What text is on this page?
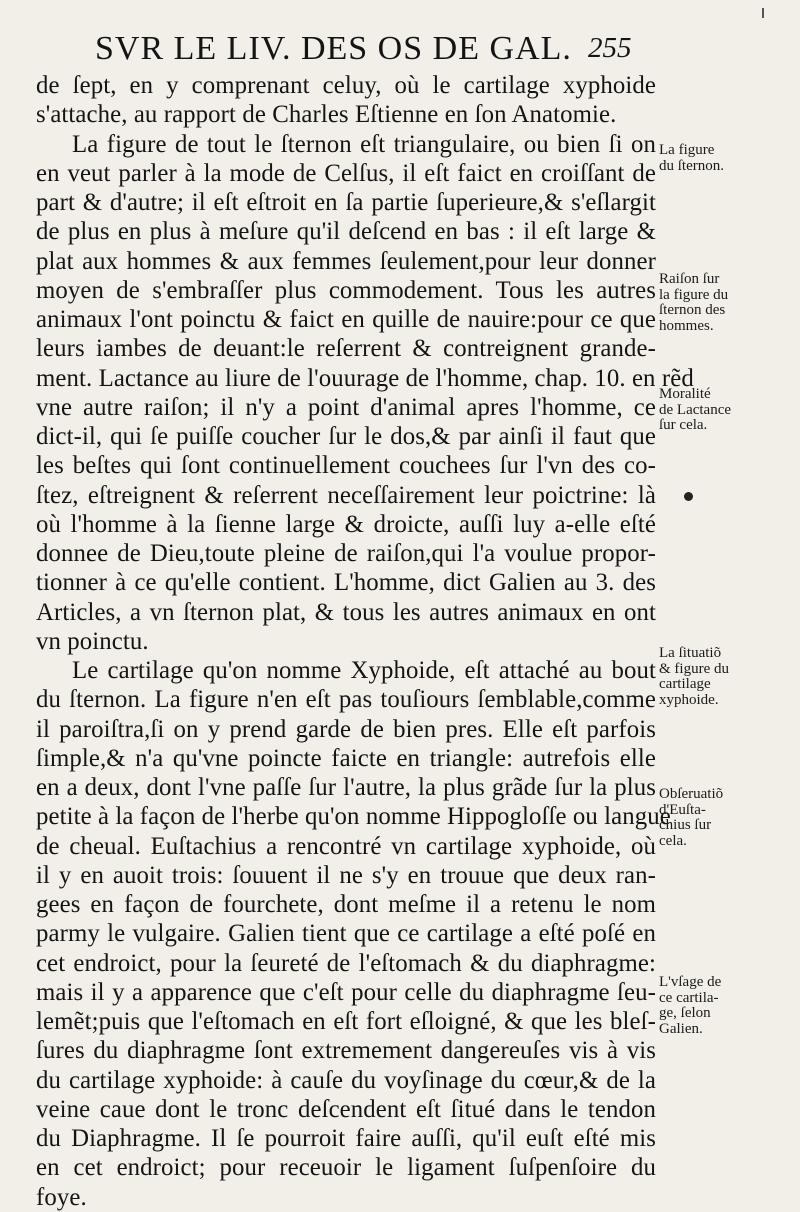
SVR LE LIV. DES OS DE GAL. 255
de ſept, en y comprenant celuy, où le cartilage xyphoide
s'attache, au rapport de Charles Eſtienne en ſon Anatomie.
La figure de tout le ſternon eſt triangulaire, ou bien ſi on
en veut parler à la mode de Celſus, il eſt faict en croiſſant de
part & d'autre; il eſt eſtroit en ſa partie ſuperieure,& s'eſlargit
de plus en plus à meſure qu'il deſcend en bas : il eſt large &
plat aux hommes & aux femmes ſeulement,pour leur donner
moyen de s'embraſſer plus commodement. Tous les autres
animaux l'ont poinctu & faict en quille de nauire:pour ce que
leurs iambes de deuant:le reſerrent & contreignent grande-
ment. Lactance au liure de l'ouurage de l'homme, chap. 10. en rẽd
vne autre raiſon; il n'y a point d'animal apres l'homme, ce
dict-il, qui ſe puiſſe coucher ſur le dos,& par ainſi il faut que
les beſtes qui ſont continuellement couchees ſur l'vn des co-
ſtez, eſtreignent & reſerrent neceſſairement leur poictrine: là
où l'homme à la ſienne large & droicte, auſſi luy a-elle eſté
donnee de Dieu,toute pleine de raiſon,qui l'a voulue propor-
tionner à ce qu'elle contient. L'homme, dict Galien au 3. des
Articles, a vn ſternon plat, & tous les autres animaux en ont
vn poinctu.
Le cartilage qu'on nomme Xyphoide, eſt attaché au bout
du ſternon. La figure n'en eſt pas touſiours ſemblable,comme
il paroiſtra,ſi on y prend garde de bien pres. Elle eſt parfois
ſimple,& n'a qu'vne poincte faicte en triangle: autrefois elle
en a deux, dont l'vne paſſe ſur l'autre, la plus grãde ſur la plus
petite à la façon de l'herbe qu'on nomme Hippogloſſe ou langue
de cheual. Euſtachius a rencontré vn cartilage xyphoide, où
il y en auoit trois: ſouuent il ne s'y en trouue que deux ran-
gees en façon de fourchete, dont meſme il a retenu le nom
parmy le vulgaire. Galien tient que ce cartilage a eſté poſé en
cet endroict, pour la ſeureté de l'eſtomach & du diaphragme:
mais il y a apparence que c'eſt pour celle du diaphragme ſeu-
lemẽt;puis que l'eſtomach en eſt fort eſloigné, & que les bleſ-
ſures du diaphragme ſont extremement dangereuſes vis à vis
du cartilage xyphoide: à cauſe du voyſinage du cœur,& de la
veine caue dont le tronc deſcendent eſt ſitué dans le tendon
du Diaphragme. Il ſe pourroit faire auſſi, qu'il euſt eſté mis
en cet endroict; pour receuoir le ligament ſuſpenſoire du
foye.
La figure
du ſternon.
Raiſon ſur
la figure du
ſternon des
hommes.
Moralité
de Lactance
ſur cela.
La ſituatiõ
& figure du
cartilage
xyphoide.
Obſeruatiõ
d'Euſta-
chius ſur
cela.
L'vſage de
ce cartila-
ge, ſelon
Galien.
